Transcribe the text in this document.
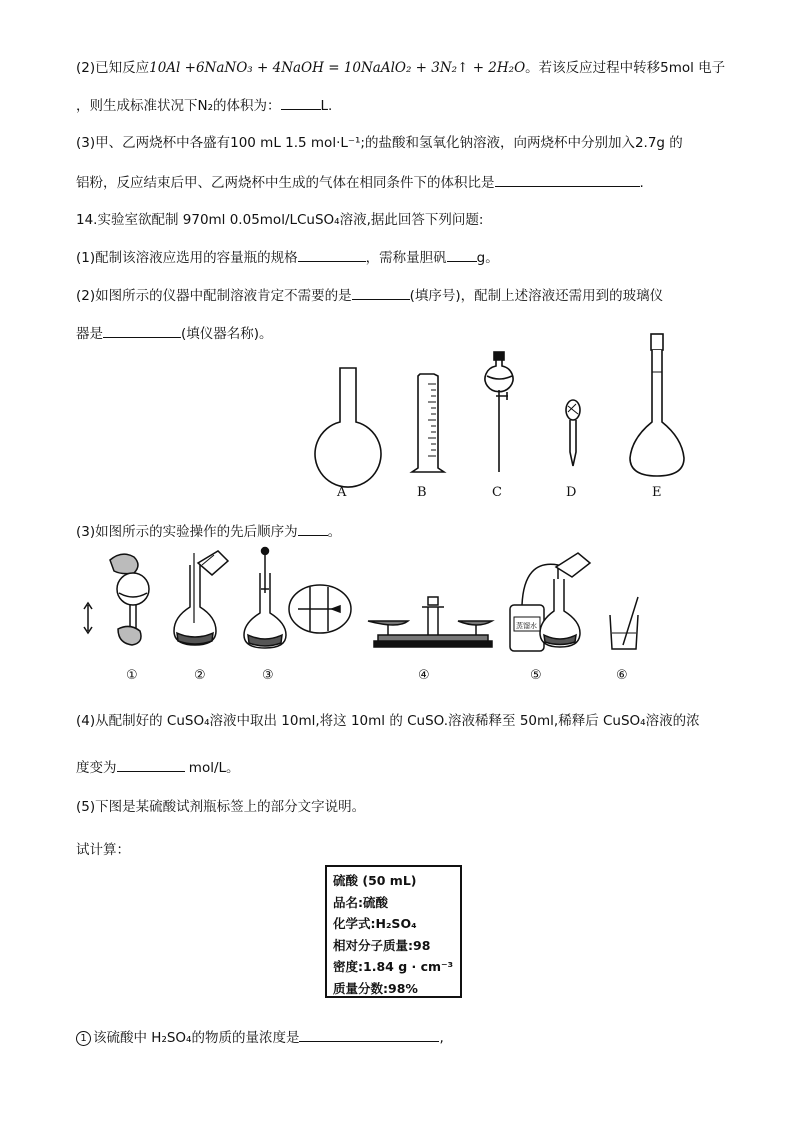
(2)已知反应10Al +6NaNO₃ + 4NaOH = 10NaAlO₂ + 3N₂↑ + 2H₂O。若该反应过程中转移5mol 电子
，则生成标准状况下N₂的体积为：	L.
(3)甲、乙两烧杯中各盛有100 mL 1.5 mol·L⁻¹;的盐酸和氢氧化钠溶液，向两烧杯中分别加入2.7g 的
铝粉，反应结束后甲、乙两烧杯中生成的气体在相同条件下的体积比是	.
14.实验室欲配制 970ml 0.05mol/LCuSO₄溶液,据此回答下列问题:
(1)配制该溶液应选用的容量瓶的规格	，需称量胆矾 g。
(2)如图所示的仪器中配制溶液肯定不需要的是	(填序号)，配制上述溶液还需用到的玻璃仪
器是	(填仪器名称)。
A	B	C	D	E
(3)如图所示的实验操作的先后顺序为 。
蒸馏水
①	②	③	④	⑤	⑥
(4)从配制好的 CuSO₄溶液中取出 10ml,将这 10ml 的 CuSO.溶液稀释至 50ml,稀释后 CuSO₄溶液的浓
度变为	mol/L。
(5)下图是某硫酸试剂瓶标签上的部分文字说明。
试计算：
硫酸 (50 mL)
品名:硫酸
化学式:H₂SO₄
相对分子质量:98
密度:1.84 g · cm⁻³
质量分数:98%
1 该硫酸中 H₂SO₄的物质的量浓度是	,
